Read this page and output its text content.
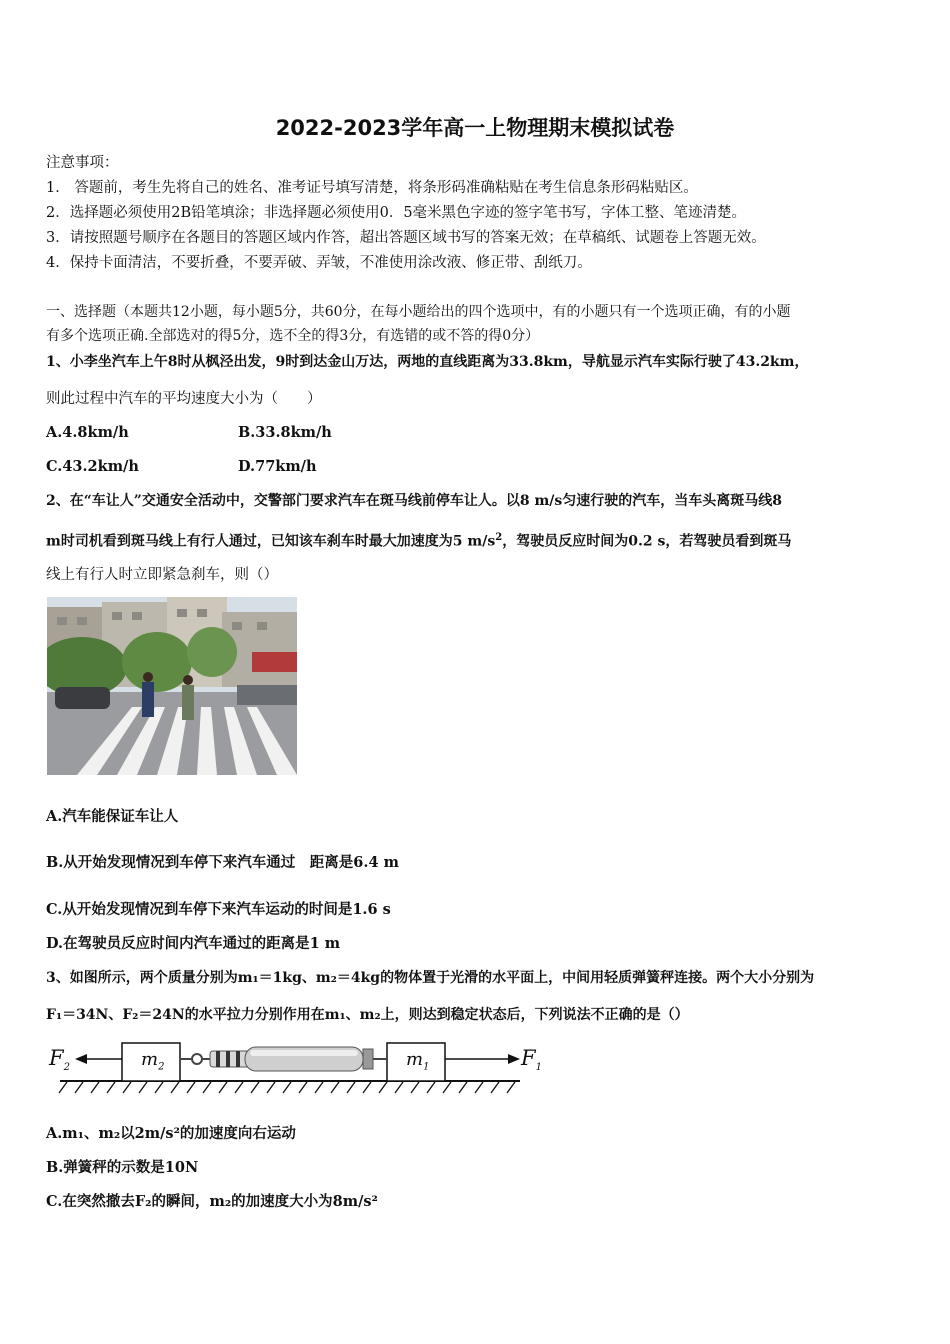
2022-2023学年高一上物理期末模拟试卷
注意事项：
1． 答题前，考生先将自己的姓名、准考证号填写清楚，将条形码准确粘贴在考生信息条形码粘贴区。
2．选择题必须使用2B铅笔填涂；非选择题必须使用0．5毫米黑色字迹的签字笔书写，字体工整、笔迹清楚。
3．请按照题号顺序在各题目的答题区域内作答，超出答题区域书写的答案无效；在草稿纸、试题卷上答题无效。
4．保持卡面清洁，不要折叠，不要弄破、弄皱，不准使用涂改液、修正带、刮纸刀。
一、选择题（本题共12小题，每小题5分，共60分，在每小题给出的四个选项中，有的小题只有一个选项正确，有的小题
有多个选项正确.全部选对的得5分，选不全的得3分，有选错的或不答的得0分）
1、小李坐汽车上午8时从枫泾出发，9时到达金山万达，两地的直线距离为33.8km，导航显示汽车实际行驶了43.2km，
则此过程中汽车的平均速度大小为（　　）
A.4.8km/h	B.33.8km/h
C.43.2km/h	D.77km/h
2、在“车让人”交通安全活动中，交警部门要求汽车在斑马线前停车让人。以8 m/s匀速行驶的汽车，当车头离斑马线8
m时司机看到斑马线上有行人通过，已知该车刹车时最大加速度为5 $m/s^2$，驾驶员反应时间为0.2 s，若驾驶员看到斑马
线上有行人时立即紧急刹车，则（）
A.汽车能保证车让人
B.从开始发现情况到车停下来汽车通过　距离是6.4 m
C.从开始发现情况到车停下来汽车运动的时间是1.6 s
D.在驾驶员反应时间内汽车通过的距离是1 m
3、如图所示，两个质量分别为m₁＝1kg、m₂＝4kg的物体置于光滑的水平面上，中间用轻质弹簧秤连接。两个大小分别为
F₁＝34N、F₂＝24N的水平拉力分别作用在m₁、m₂上，则达到稳定状态后，下列说法不正确的是（）
$F_2$	$m_2$	$m_1$	$F_1$
A.m₁、m₂以2m/s²的加速度向右运动
B.弹簧秤的示数是10N
C.在突然撤去F₂的瞬间，m₂的加速度大小为8m/s²
